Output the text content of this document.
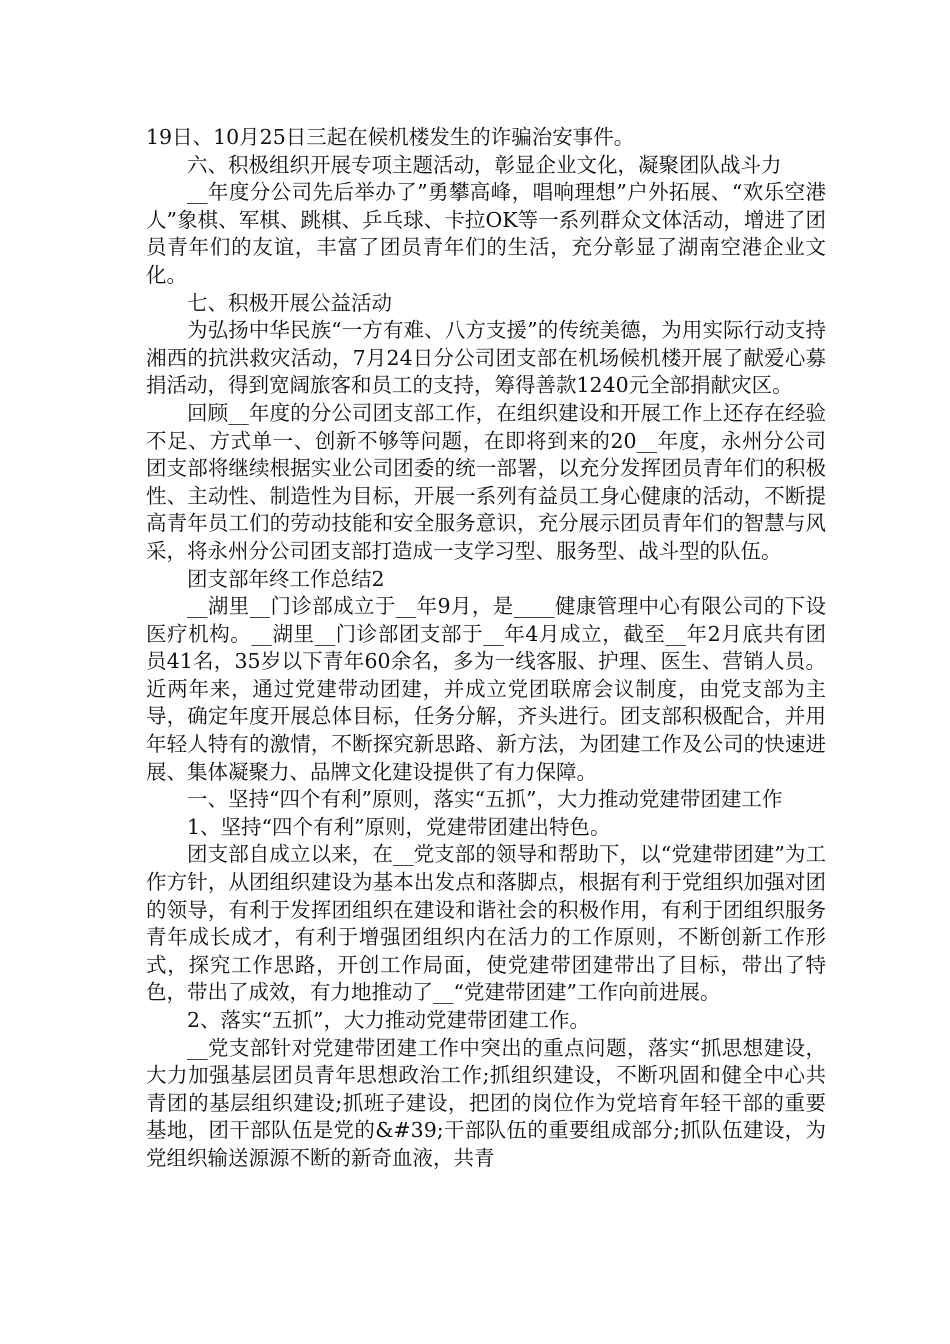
19日、10月25日三起在候机楼发生的诈骗治安事件。

六、积极组织开展专项主题活动，彰显企业文化，凝聚团队战斗力

__年度分公司先后举办了”勇攀高峰，唱响理想”户外拓展、“欢乐空港人”象棋、军棋、跳棋、乒乓球、卡拉OK等一系列群众文体活动，增进了团员青年们的友谊，丰富了团员青年们的生活，充分彰显了湖南空港企业文化。

七、积极开展公益活动

为弘扬中华民族“一方有难、八方支援”的传统美德，为用实际行动支持湘西的抗洪救灾活动，7月24日分公司团支部在机场候机楼开展了献爱心募捐活动，得到宽阔旅客和员工的支持，筹得善款1240元全部捐献灾区。

回顾__年度的分公司团支部工作，在组织建设和开展工作上还存在经验不足、方式单一、创新不够等问题，在即将到来的20__年度，永州分公司团支部将继续根据实业公司团委的统一部署，以充分发挥团员青年们的积极性、主动性、制造性为目标，开展一系列有益员工身心健康的活动，不断提高青年员工们的劳动技能和安全服务意识，充分展示团员青年们的智慧与风采，将永州分公司团支部打造成一支学习型、服务型、战斗型的队伍。

团支部年终工作总结2

__湖里__门诊部成立于__年9月，是____健康管理中心有限公司的下设医疗机构。__湖里__门诊部团支部于__年4月成立，截至__年2月底共有团员41名，35岁以下青年60余名，多为一线客服、护理、医生、营销人员。近两年来，通过党建带动团建，并成立党团联席会议制度，由党支部为主导，确定年度开展总体目标，任务分解，齐头进行。团支部积极配合，并用年轻人特有的激情，不断探究新思路、新方法，为团建工作及公司的快速进展、集体凝聚力、品牌文化建设提供了有力保障。

一、坚持“四个有利”原则，落实“五抓”，大力推动党建带团建工作

1、坚持“四个有利”原则，党建带团建出特色。

团支部自成立以来，在__党支部的领导和帮助下，以“党建带团建”为工作方针，从团组织建设为基本出发点和落脚点，根据有利于党组织加强对团的领导，有利于发挥团组织在建设和谐社会的积极作用，有利于团组织服务青年成长成才，有利于增强团组织内在活力的工作原则，不断创新工作形式，探究工作思路，开创工作局面，使党建带团建带出了目标，带出了特色，带出了成效，有力地推动了__“党建带团建”工作向前进展。

2、落实“五抓”，大力推动党建带团建工作。

__党支部针对党建带团建工作中突出的重点问题，落实“抓思想建设，大力加强基层团员青年思想政治工作;抓组织建设，不断巩固和健全中心共青团的基层组织建设;抓班子建设，把团的岗位作为党培育年轻干部的重要基地，团干部队伍是党的&#39;干部队伍的重要组成部分;抓队伍建设，为党组织输送源源不断的新奇血液，共青
